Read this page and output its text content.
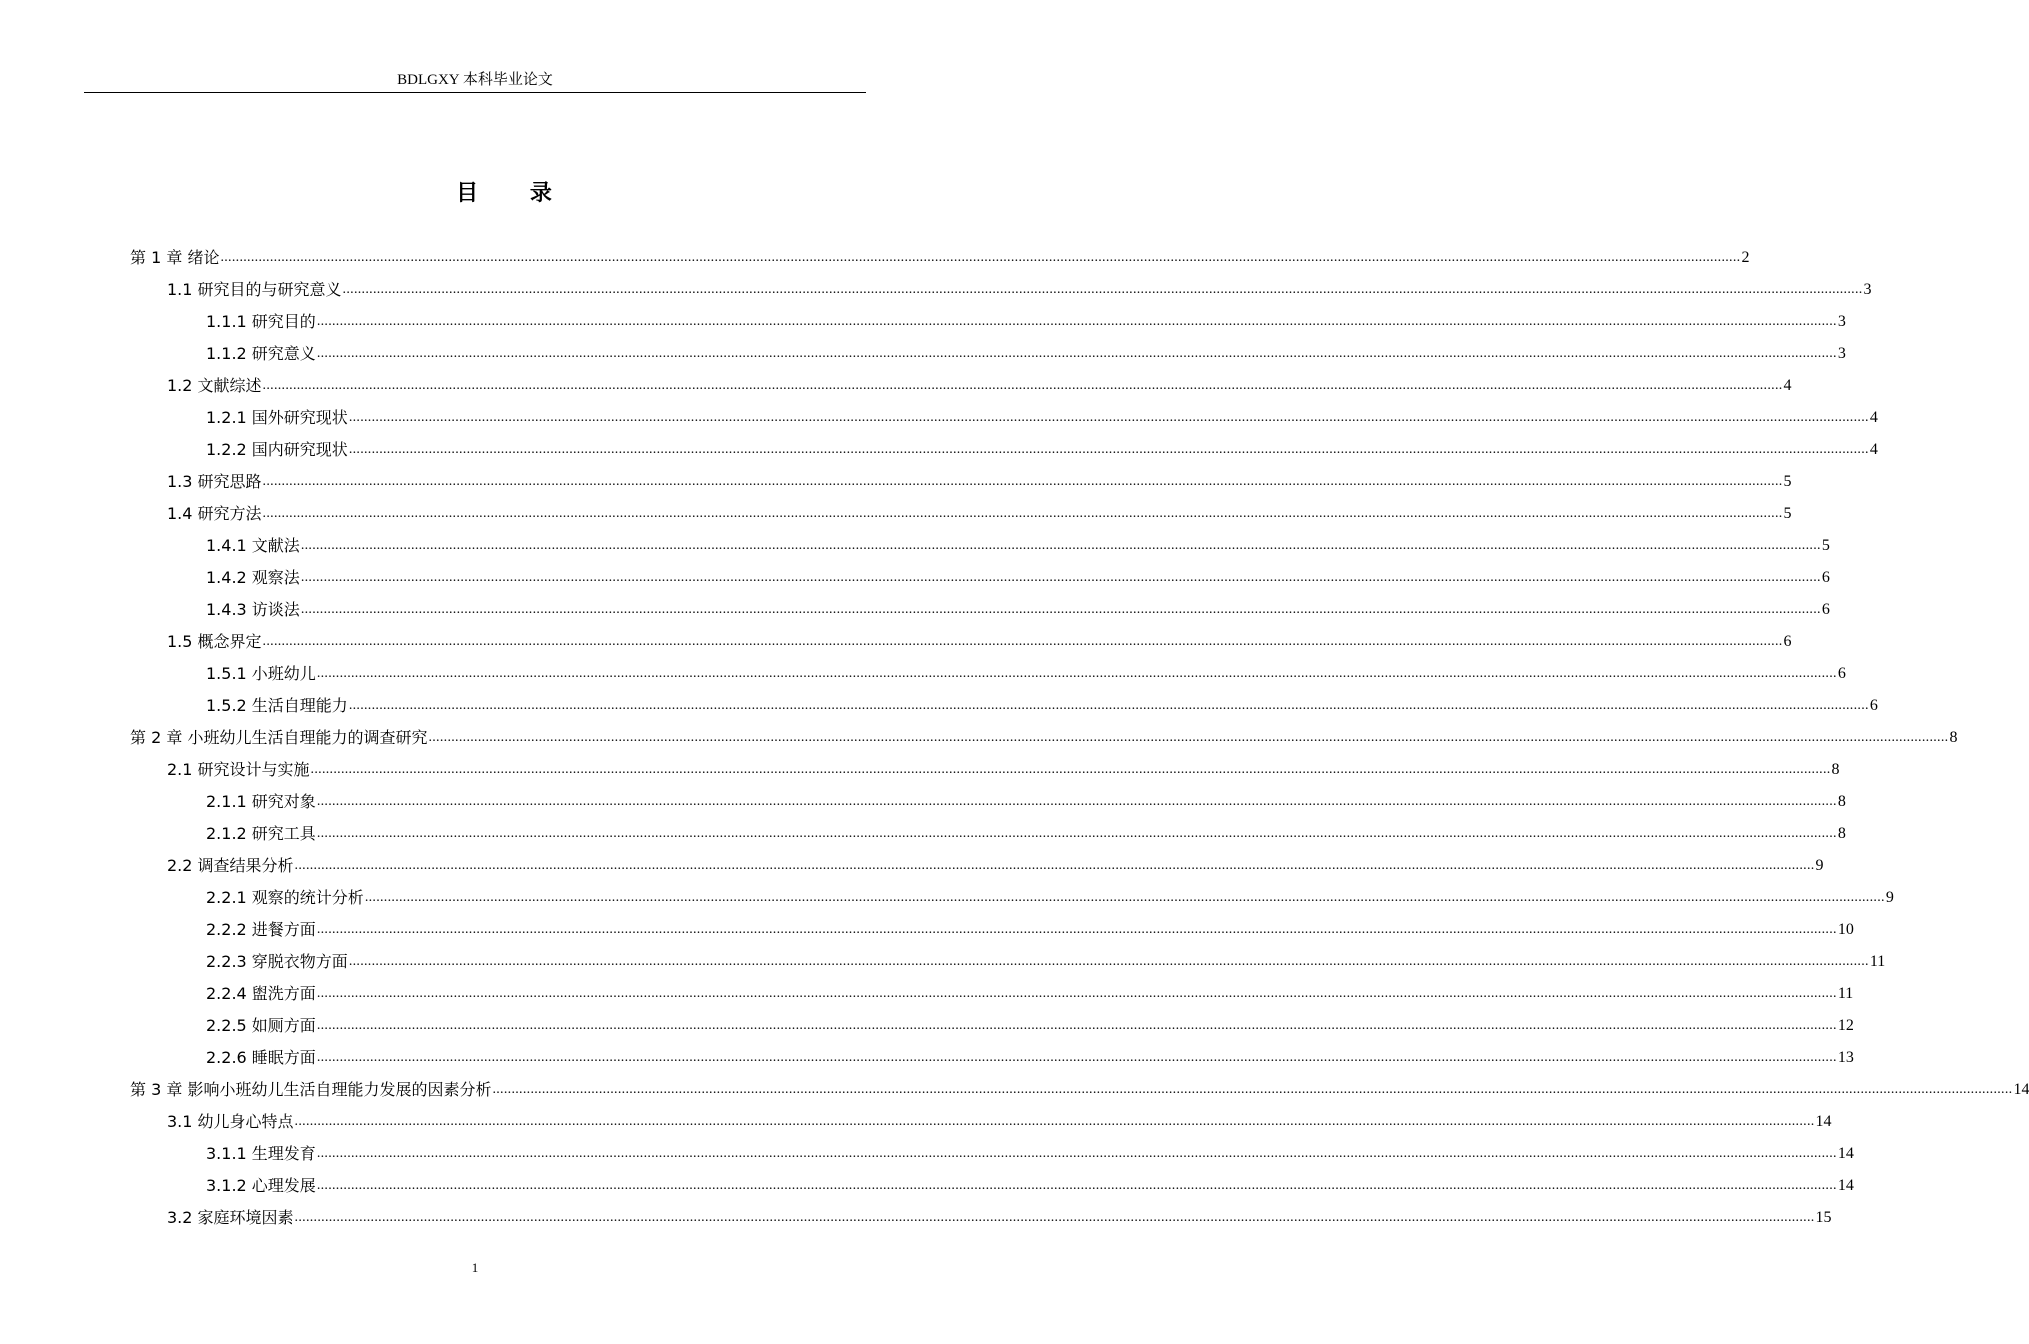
BDLGXY 本科毕业论文
目 录
第 1 章 绪论 ................................................................................................................................................................................................................................................................................................................................................................................................................ 2
1.1 研究目的与研究意义 ................................................................................................................................................................................................................................................................................................................................................................................................................ 3
1.1.1 研究目的 ................................................................................................................................................................................................................................................................................................................................................................................................................ 3
1.1.2 研究意义 ................................................................................................................................................................................................................................................................................................................................................................................................................ 3
1.2 文献综述 ................................................................................................................................................................................................................................................................................................................................................................................................................ 4
1.2.1 国外研究现状 ................................................................................................................................................................................................................................................................................................................................................................................................................ 4
1.2.2 国内研究现状 ................................................................................................................................................................................................................................................................................................................................................................................................................ 4
1.3 研究思路 ................................................................................................................................................................................................................................................................................................................................................................................................................ 5
1.4 研究方法 ................................................................................................................................................................................................................................................................................................................................................................................................................ 5
1.4.1 文献法 ................................................................................................................................................................................................................................................................................................................................................................................................................ 5
1.4.2 观察法 ................................................................................................................................................................................................................................................................................................................................................................................................................ 6
1.4.3 访谈法 ................................................................................................................................................................................................................................................................................................................................................................................................................ 6
1.5 概念界定 ................................................................................................................................................................................................................................................................................................................................................................................................................ 6
1.5.1 小班幼儿 ................................................................................................................................................................................................................................................................................................................................................................................................................ 6
1.5.2 生活自理能力 ................................................................................................................................................................................................................................................................................................................................................................................................................ 6
第 2 章 小班幼儿生活自理能力的调查研究 ................................................................................................................................................................................................................................................................................................................................................................................................................ 8
2.1 研究设计与实施 ................................................................................................................................................................................................................................................................................................................................................................................................................ 8
2.1.1 研究对象 ................................................................................................................................................................................................................................................................................................................................................................................................................ 8
2.1.2 研究工具 ................................................................................................................................................................................................................................................................................................................................................................................................................ 8
2.2 调查结果分析 ................................................................................................................................................................................................................................................................................................................................................................................................................ 9
2.2.1 观察的统计分析 ................................................................................................................................................................................................................................................................................................................................................................................................................ 9
2.2.2 进餐方面 ................................................................................................................................................................................................................................................................................................................................................................................................................ 10
2.2.3 穿脱衣物方面 ................................................................................................................................................................................................................................................................................................................................................................................................................ 11
2.2.4 盥洗方面 ................................................................................................................................................................................................................................................................................................................................................................................................................ 11
2.2.5 如厕方面 ................................................................................................................................................................................................................................................................................................................................................................................................................ 12
2.2.6 睡眠方面 ................................................................................................................................................................................................................................................................................................................................................................................................................ 13
第 3 章 影响小班幼儿生活自理能力发展的因素分析 ................................................................................................................................................................................................................................................................................................................................................................................................................ 14
3.1 幼儿身心特点 ................................................................................................................................................................................................................................................................................................................................................................................................................ 14
3.1.1 生理发育 ................................................................................................................................................................................................................................................................................................................................................................................................................ 14
3.1.2 心理发展 ................................................................................................................................................................................................................................................................................................................................................................................................................ 14
3.2 家庭环境因素 ................................................................................................................................................................................................................................................................................................................................................................................................................ 15
1
